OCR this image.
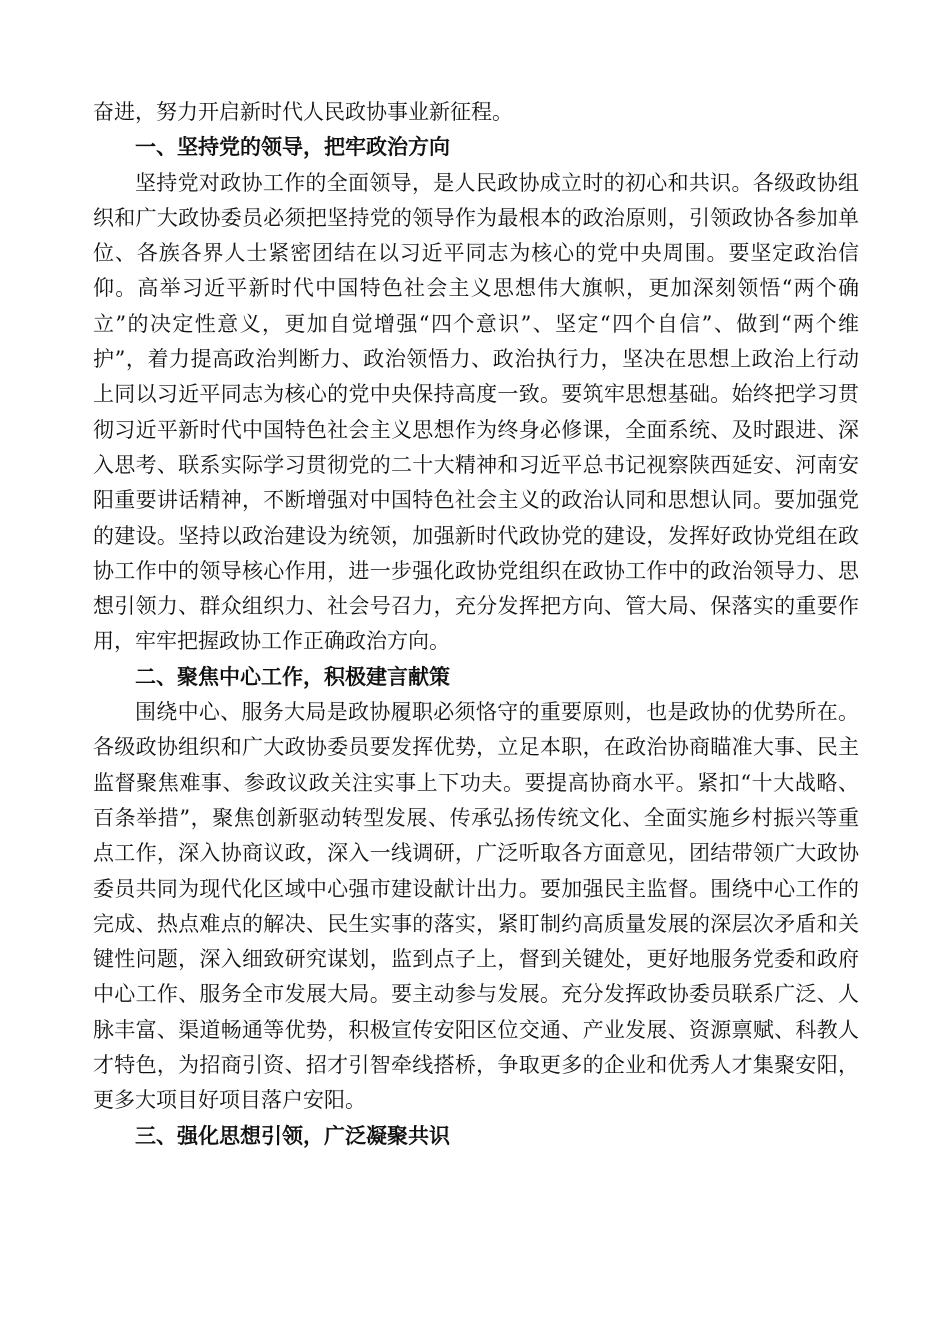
奋进，努力开启新时代人民政协事业新征程。

一、坚持党的领导，把牢政治方向

坚持党对政协工作的全面领导，是人民政协成立时的初心和共识。各级政协组织和广大政协委员必须把坚持党的领导作为最根本的政治原则，引领政协各参加单位、各族各界人士紧密团结在以习近平同志为核心的党中央周围。要坚定政治信仰。高举习近平新时代中国特色社会主义思想伟大旗帜，更加深刻领悟“两个确立”的决定性意义，更加自觉增强“四个意识”、坚定“四个自信”、做到“两个维护”，着力提高政治判断力、政治领悟力、政治执行力，坚决在思想上政治上行动上同以习近平同志为核心的党中央保持高度一致。要筑牢思想基础。始终把学习贯彻习近平新时代中国特色社会主义思想作为终身必修课，全面系统、及时跟进、深入思考、联系实际学习贯彻党的二十大精神和习近平总书记视察陕西延安、河南安阳重要讲话精神，不断增强对中国特色社会主义的政治认同和思想认同。要加强党的建设。坚持以政治建设为统领，加强新时代政协党的建设，发挥好政协党组在政协工作中的领导核心作用，进一步强化政协党组织在政协工作中的政治领导力、思想引领力、群众组织力、社会号召力，充分发挥把方向、管大局、保落实的重要作用，牢牢把握政协工作正确政治方向。

二、聚焦中心工作，积极建言献策

围绕中心、服务大局是政协履职必须恪守的重要原则，也是政协的优势所在。各级政协组织和广大政协委员要发挥优势，立足本职，在政治协商瞄准大事、民主监督聚焦难事、参政议政关注实事上下功夫。要提高协商水平。紧扣“十大战略、百条举措”，聚焦创新驱动转型发展、传承弘扬传统文化、全面实施乡村振兴等重点工作，深入协商议政，深入一线调研，广泛听取各方面意见，团结带领广大政协委员共同为现代化区域中心强市建设献计出力。要加强民主监督。围绕中心工作的完成、热点难点的解决、民生实事的落实，紧盯制约高质量发展的深层次矛盾和关键性问题，深入细致研究谋划，监到点子上，督到关键处，更好地服务党委和政府中心工作、服务全市发展大局。要主动参与发展。充分发挥政协委员联系广泛、人脉丰富、渠道畅通等优势，积极宣传安阳区位交通、产业发展、资源禀赋、科教人才特色，为招商引资、招才引智牵线搭桥，争取更多的企业和优秀人才集聚安阳，更多大项目好项目落户安阳。

三、强化思想引领，广泛凝聚共识
